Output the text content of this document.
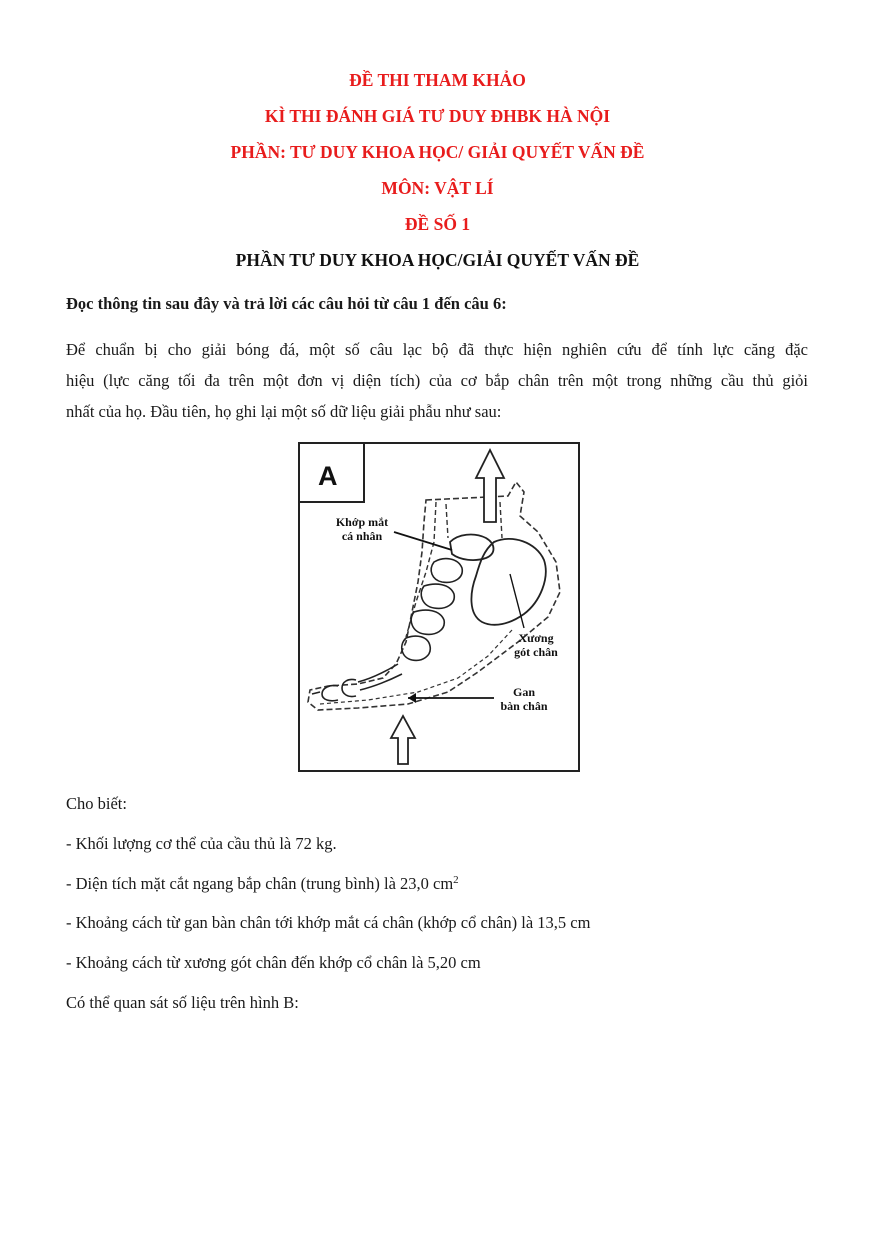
ĐỀ THI THAM KHẢO
KÌ THI ĐÁNH GIÁ TƯ DUY ĐHBK HÀ NỘI
PHẦN: TƯ DUY KHOA HỌC/ GIẢI QUYẾT VẤN ĐỀ
MÔN: VẬT LÍ
ĐỀ SỐ 1
PHẦN TƯ DUY KHOA HỌC/GIẢI QUYẾT VẤN ĐỀ
Đọc thông tin sau đây và trả lời các câu hỏi từ câu 1 đến câu 6:
Để chuẩn bị cho giải bóng đá, một số câu lạc bộ đã thực hiện nghiên cứu để tính lực căng đặc
hiệu (lực căng tối đa trên một đơn vị diện tích) của cơ bắp chân trên một trong những cầu thủ giỏi
nhất của họ. Đầu tiên, họ ghi lại một số dữ liệu giải phẫu như sau:
A
Khớp mắt
cá nhân
Xương
gót chân
Gan
bàn chân
Cho biết:
- Khối lượng cơ thể của cầu thủ là 72 kg.
- Diện tích mặt cắt ngang bắp chân (trung bình) là 23,0 $cm^2$
- Khoảng cách từ gan bàn chân tới khớp mắt cá chân (khớp cổ chân) là 13,5 cm
- Khoảng cách từ xương gót chân đến khớp cổ chân là 5,20 cm
Có thể quan sát số liệu trên hình B:
